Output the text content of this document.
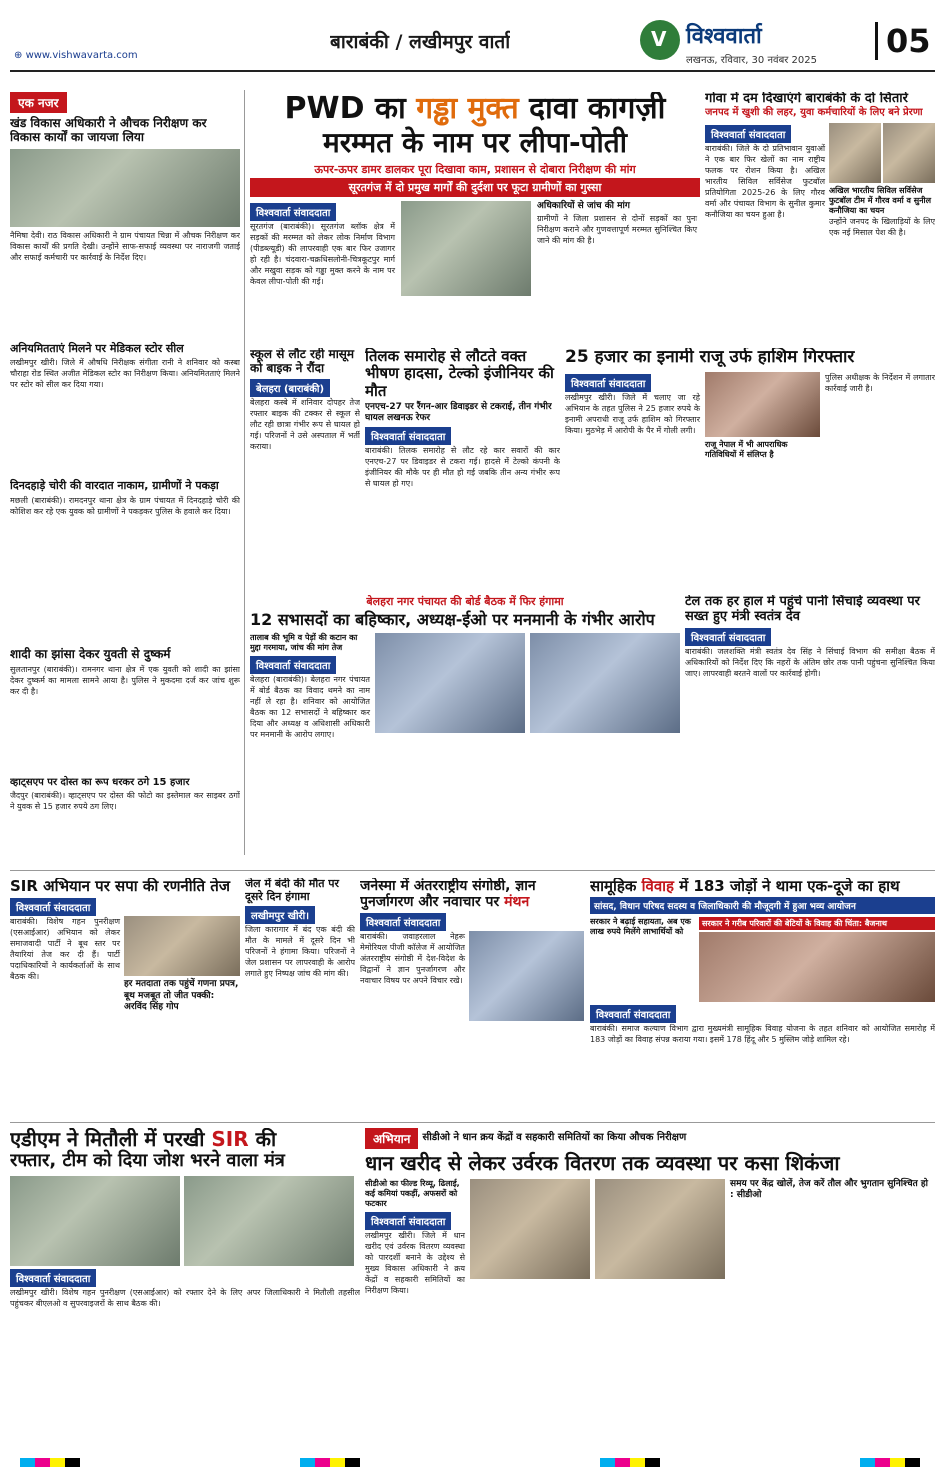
⊕ www.vishwavarta.com
बाराबंकी / लखीमपुर वार्ता	V विश्ववार्ता
लखनऊ, रविवार, 30 नवंबर 2025
05
एक नजर
खंड विकास अधिकारी ने औचक निरीक्षण कर विकास कार्यों का जायजा लिया
नैमिषा देवी। राठ विकास अधिकारी ने ग्राम पंचायत चिन्ना में औचक निरीक्षण कर विकास कार्यों की प्रगति देखी। उन्होंने साफ-सफाई व्यवस्था पर नाराजगी जताई और सफाई कर्मचारी पर कार्रवाई के निर्देश दिए।
अनियमितताएं मिलने पर मेडिकल स्टोर सील
लखीमपुर खीरी। जिले में औषधि निरीक्षक संगीता रानी ने शनिवार को कस्बा चौराहा रोड स्थित अजीत मेडिकल स्टोर का निरीक्षण किया। अनियमितताएं मिलने पर स्टोर को सील कर दिया गया।
दिनदहाड़े चोरी की वारदात नाकाम, ग्रामीणों ने पकड़ा
मछली (बाराबंकी)। रामदनपुर थाना क्षेत्र के ग्राम पंचायत में दिनदहाड़े चोरी की कोशिश कर रहे एक युवक को ग्रामीणों ने पकड़कर पुलिस के हवाले कर दिया।
शादी का झांसा देकर युवती से दुष्कर्म
सुलतानपुर (बाराबंकी)। रामनगर थाना क्षेत्र में एक युवती को शादी का झांसा देकर दुष्कर्म का मामला सामने आया है। पुलिस ने मुकदमा दर्ज कर जांच शुरू कर दी है।
व्हाट्सएप पर दोस्त का रूप धरकर ठगे 15 हजार
जैदपुर (बाराबंकी)। व्हाट्सएप पर दोस्त की फोटो का इस्तेमाल कर साइबर ठगों ने युवक से 15 हजार रुपये ठग लिए।
PWD का गड्ढा मुक्त दावा कागज़ी
मरम्मत के नाम पर लीपा-पोती
ऊपर-ऊपर डामर डालकर पूरा दिखावा काम, प्रशासन से दोबारा निरीक्षण की मांग
सूरतगंज में दो प्रमुख मार्गों की दुर्दशा पर फूटा ग्रामीणों का गुस्सा
विश्ववार्ता संवाददाता
सूरतगंज (बाराबंकी)। सूरतगंज ब्लॉक क्षेत्र में सड़कों की मरम्मत को लेकर लोक निर्माण विभाग (पीडब्ल्यूडी) की लापरवाही एक बार फिर उजागर हो रही है। चंदवारा-चक्रधिसलोनी-चित्रकूटपुर मार्ग और मखुवा सड़क को गड्ढा मुक्त करने के नाम पर केवल लीपा-पोती की गई।
अधिकारियों से जांच की मांग
ग्रामीणों ने जिला प्रशासन से दोनों सड़कों का पुनः निरीक्षण कराने और गुणवत्तापूर्ण मरम्मत सुनिश्चित किए जाने की मांग की है।
गोवा में दम दिखाएंगे बाराबंकी के दो सितारे
जनपद में खुशी की लहर, युवा कर्मचारियों के लिए बने प्रेरणा
विश्ववार्ता संवाददाता
बाराबंकी। जिले के दो प्रतिभावान युवाओं ने एक बार फिर खेलों का नाम राष्ट्रीय फलक पर रोशन किया है। अखिल भारतीय सिविल सर्विसेज फुटबॉल प्रतियोगिता 2025-26 के लिए गौरव वर्मा और पंचायत विभाग के सुनील कुमार कनौजिया का चयन हुआ है।
अखिल भारतीय सिविल सर्विसेज फुटबॉल टीम में गौरव वर्मा व सुनील कनौजिया का चयन
उन्होंने जनपद के खिलाड़ियों के लिए एक नई मिसाल पेश की है।
स्कूल से लौट रही मासूम को बाइक ने रौंदा
बेलहरा (बाराबंकी)
बेलहरा कस्बे में शनिवार दोपहर तेज रफ्तार बाइक की टक्कर से स्कूल से लौट रही छात्रा गंभीर रूप से घायल हो गई। परिजनों ने उसे अस्पताल में भर्ती कराया।
तिलक समारोह से लौटते वक्त भीषण हादसा, टेल्को इंजीनियर की मौत
एनएच-27 पर रैंगन-आर डिवाइडर से टकराई, तीन गंभीर घायल लखनऊ रेफर
विश्ववार्ता संवाददाता
बाराबंकी। तिलक समारोह से लौट रहे कार सवारों की कार एनएच-27 पर डिवाइडर से टकरा गई। हादसे में टेल्को कंपनी के इंजीनियर की मौके पर ही मौत हो गई जबकि तीन अन्य गंभीर रूप से घायल हो गए।
25 हजार का इनामी राजू उर्फ हाशिम गिरफ्तार
विश्ववार्ता संवाददाता
लखीमपुर खीरी। जिले में चलाए जा रहे अभियान के तहत पुलिस ने 25 हजार रुपये के इनामी अपराधी राजू उर्फ हाशिम को गिरफ्तार किया। मुठभेड़ में आरोपी के पैर में गोली लगी।
राजू नेपाल में भी आपराधिक गतिविधियों में संलिप्त है
पुलिस अधीक्षक के निर्देशन में लगातार कार्रवाई जारी है।
बेलहरा नगर पंचायत की बोर्ड बैठक में फिर हंगामा
12 सभासदों का बहिष्कार, अध्यक्ष-ईओ पर मनमानी के गंभीर आरोप
तालाब की भूमि व पेड़ों की कटान का मुद्दा गरमाया, जांच की मांग तेज
विश्ववार्ता संवाददाता
बेलहरा (बाराबंकी)। बेलहरा नगर पंचायत में बोर्ड बैठक का विवाद थमने का नाम नहीं ले रहा है। शनिवार को आयोजित बैठक का 12 सभासदों ने बहिष्कार कर दिया और अध्यक्ष व अधिशासी अधिकारी पर मनमानी के आरोप लगाए।
टेल तक हर हाल में पहुंचे पानी सिंचाई व्यवस्था पर सख्त हुए मंत्री स्वतंत्र देव
विश्ववार्ता संवाददाता
बाराबंकी। जलशक्ति मंत्री स्वतंत्र देव सिंह ने सिंचाई विभाग की समीक्षा बैठक में अधिकारियों को निर्देश दिए कि नहरों के अंतिम छोर तक पानी पहुंचना सुनिश्चित किया जाए। लापरवाही बरतने वालों पर कार्रवाई होगी।
SIR अभियान पर सपा की रणनीति तेज
विश्ववार्ता संवाददाता
बाराबंकी। विशेष गहन पुनरीक्षण (एसआईआर) अभियान को लेकर समाजवादी पार्टी ने बूथ स्तर पर तैयारियां तेज कर दी हैं। पार्टी पदाधिकारियों ने कार्यकर्ताओं के साथ बैठक की।
हर मतदाता तक पहुंचें गणना प्रपत्र, बूथ मजबूत तो जीत पक्की: अरविंद सिंह गोप
जेल में बंदी की मौत पर दूसरे दिन हंगामा
लखीमपुर खीरी।
जिला कारागार में बंद एक बंदी की मौत के मामले में दूसरे दिन भी परिजनों ने हंगामा किया। परिजनों ने जेल प्रशासन पर लापरवाही के आरोप लगाते हुए निष्पक्ष जांच की मांग की।
जनेस्मा में अंतरराष्ट्रीय संगोष्ठी, ज्ञान पुनर्जागरण और नवाचार पर मंथन
विश्ववार्ता संवाददाता
बाराबंकी। जवाहरलाल नेहरू मेमोरियल पीजी कॉलेज में आयोजित अंतरराष्ट्रीय संगोष्ठी में देश-विदेश के विद्वानों ने ज्ञान पुनर्जागरण और नवाचार विषय पर अपने विचार रखे।
सामूहिक विवाह में 183 जोड़ों ने थामा एक-दूजे का हाथ
सांसद, विधान परिषद सदस्य व जिलाधिकारी की मौजूदगी में हुआ भव्य आयोजन
सरकार ने बढ़ाई सहायता, अब एक लाख रुपये मिलेंगे लाभार्थियों को
सरकार ने गरीब परिवारों की बेटियों के विवाह की चिंता: बैजनाथ
विश्ववार्ता संवाददाता
बाराबंकी। समाज कल्याण विभाग द्वारा मुख्यमंत्री सामूहिक विवाह योजना के तहत शनिवार को आयोजित समारोह में 183 जोड़ों का विवाह संपन्न कराया गया। इसमें 178 हिंदू और 5 मुस्लिम जोड़े शामिल रहे।
एडीएम ने मितौली में परखी SIR की
रफ्तार, टीम को दिया जोश भरने वाला मंत्र
विश्ववार्ता संवाददाता
लखीमपुर खीरी। विशेष गहन पुनरीक्षण (एसआईआर) को रफ्तार देने के लिए अपर जिलाधिकारी ने मितौली तहसील पहुंचकर बीएलओ व सुपरवाइजरों के साथ बैठक की।
अभियान	सीडीओ ने धान क्रय केंद्रों व सहकारी समितियों का किया औचक निरीक्षण
धान खरीद से लेकर उर्वरक वितरण तक व्यवस्था पर कसा शिकंजा
सीडीओ का फील्ड रिव्यू, ढिलाई, कई कमियां पकड़ीं, अफसरों को फटकार
विश्ववार्ता संवाददाता
लखीमपुर खीरी। जिले में धान खरीद एवं उर्वरक वितरण व्यवस्था को पारदर्शी बनाने के उद्देश्य से मुख्य विकास अधिकारी ने क्रय केंद्रों व सहकारी समितियों का निरीक्षण किया।
समय पर केंद्र खोलें, तेज करें तौल और भुगतान सुनिश्चित हो : सीडीओ
